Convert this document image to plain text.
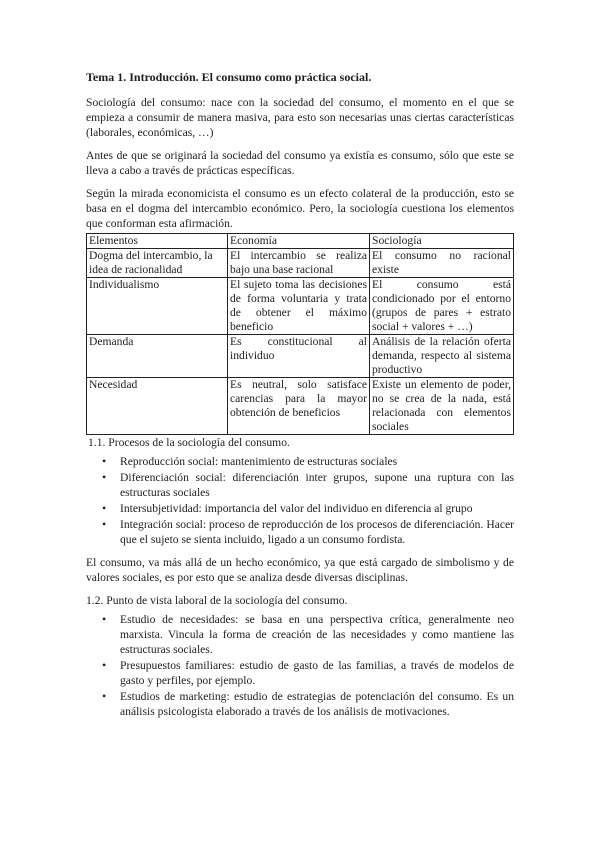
Tema 1. Introducción. El consumo como práctica social.

Sociología del consumo: nace con la sociedad del consumo, el momento en el que se empieza a consumir de manera masiva, para esto son necesarias unas ciertas características (laborales, económicas, …)

Antes de que se originará la sociedad del consumo ya existía es consumo, sólo que este se lleva a cabo a través de prácticas específicas.

Según la mirada economicista el consumo es un efecto colateral de la producción, esto se basa en el dogma del intercambio económico. Pero, la sociología cuestiona los elementos que conforman esta afirmación.

Elementos	Economía	Sociología
Dogma del intercambio, la idea de racionalidad	El intercambio se realiza bajo una base racional	El consumo no racional existe
Individualismo	El sujeto toma las decisiones de forma voluntaria y trata de obtener el máximo beneficio	El consumo está condicionado por el entorno (grupos de pares + estrato social + valores + …)
Demanda	Es constitucional al individuo	Análisis de la relación oferta demanda, respecto al sistema productivo
Necesidad	Es neutral, solo satisface carencias para la mayor obtención de beneficios	Existe un elemento de poder, no se crea de la nada, está relacionada con elementos sociales

1.1. Procesos de la sociología del consumo.

• Reproducción social: mantenimiento de estructuras sociales
• Diferenciación social: diferenciación inter grupos, supone una ruptura con las estructuras sociales
• Intersubjetividad: importancia del valor del individuo en diferencia al grupo
• Integración social: proceso de reproducción de los procesos de diferenciación. Hacer que el sujeto se sienta incluido, ligado a un consumo fordista.

El consumo, va más allá de un hecho económico, ya que está cargado de simbolismo y de valores sociales, es por esto que se analiza desde diversas disciplinas.

1.2. Punto de vista laboral de la sociología del consumo.

• Estudio de necesidades: se basa en una perspectiva crítica, generalmente neo marxista. Vincula la forma de creación de las necesidades y como mantiene las estructuras sociales.
• Presupuestos familiares: estudio de gasto de las familias, a través de modelos de gasto y perfiles, por ejemplo.
• Estudios de marketing: estudio de estrategias de potenciación del consumo. Es un análisis psicologista elaborado a través de los análisis de motivaciones.
